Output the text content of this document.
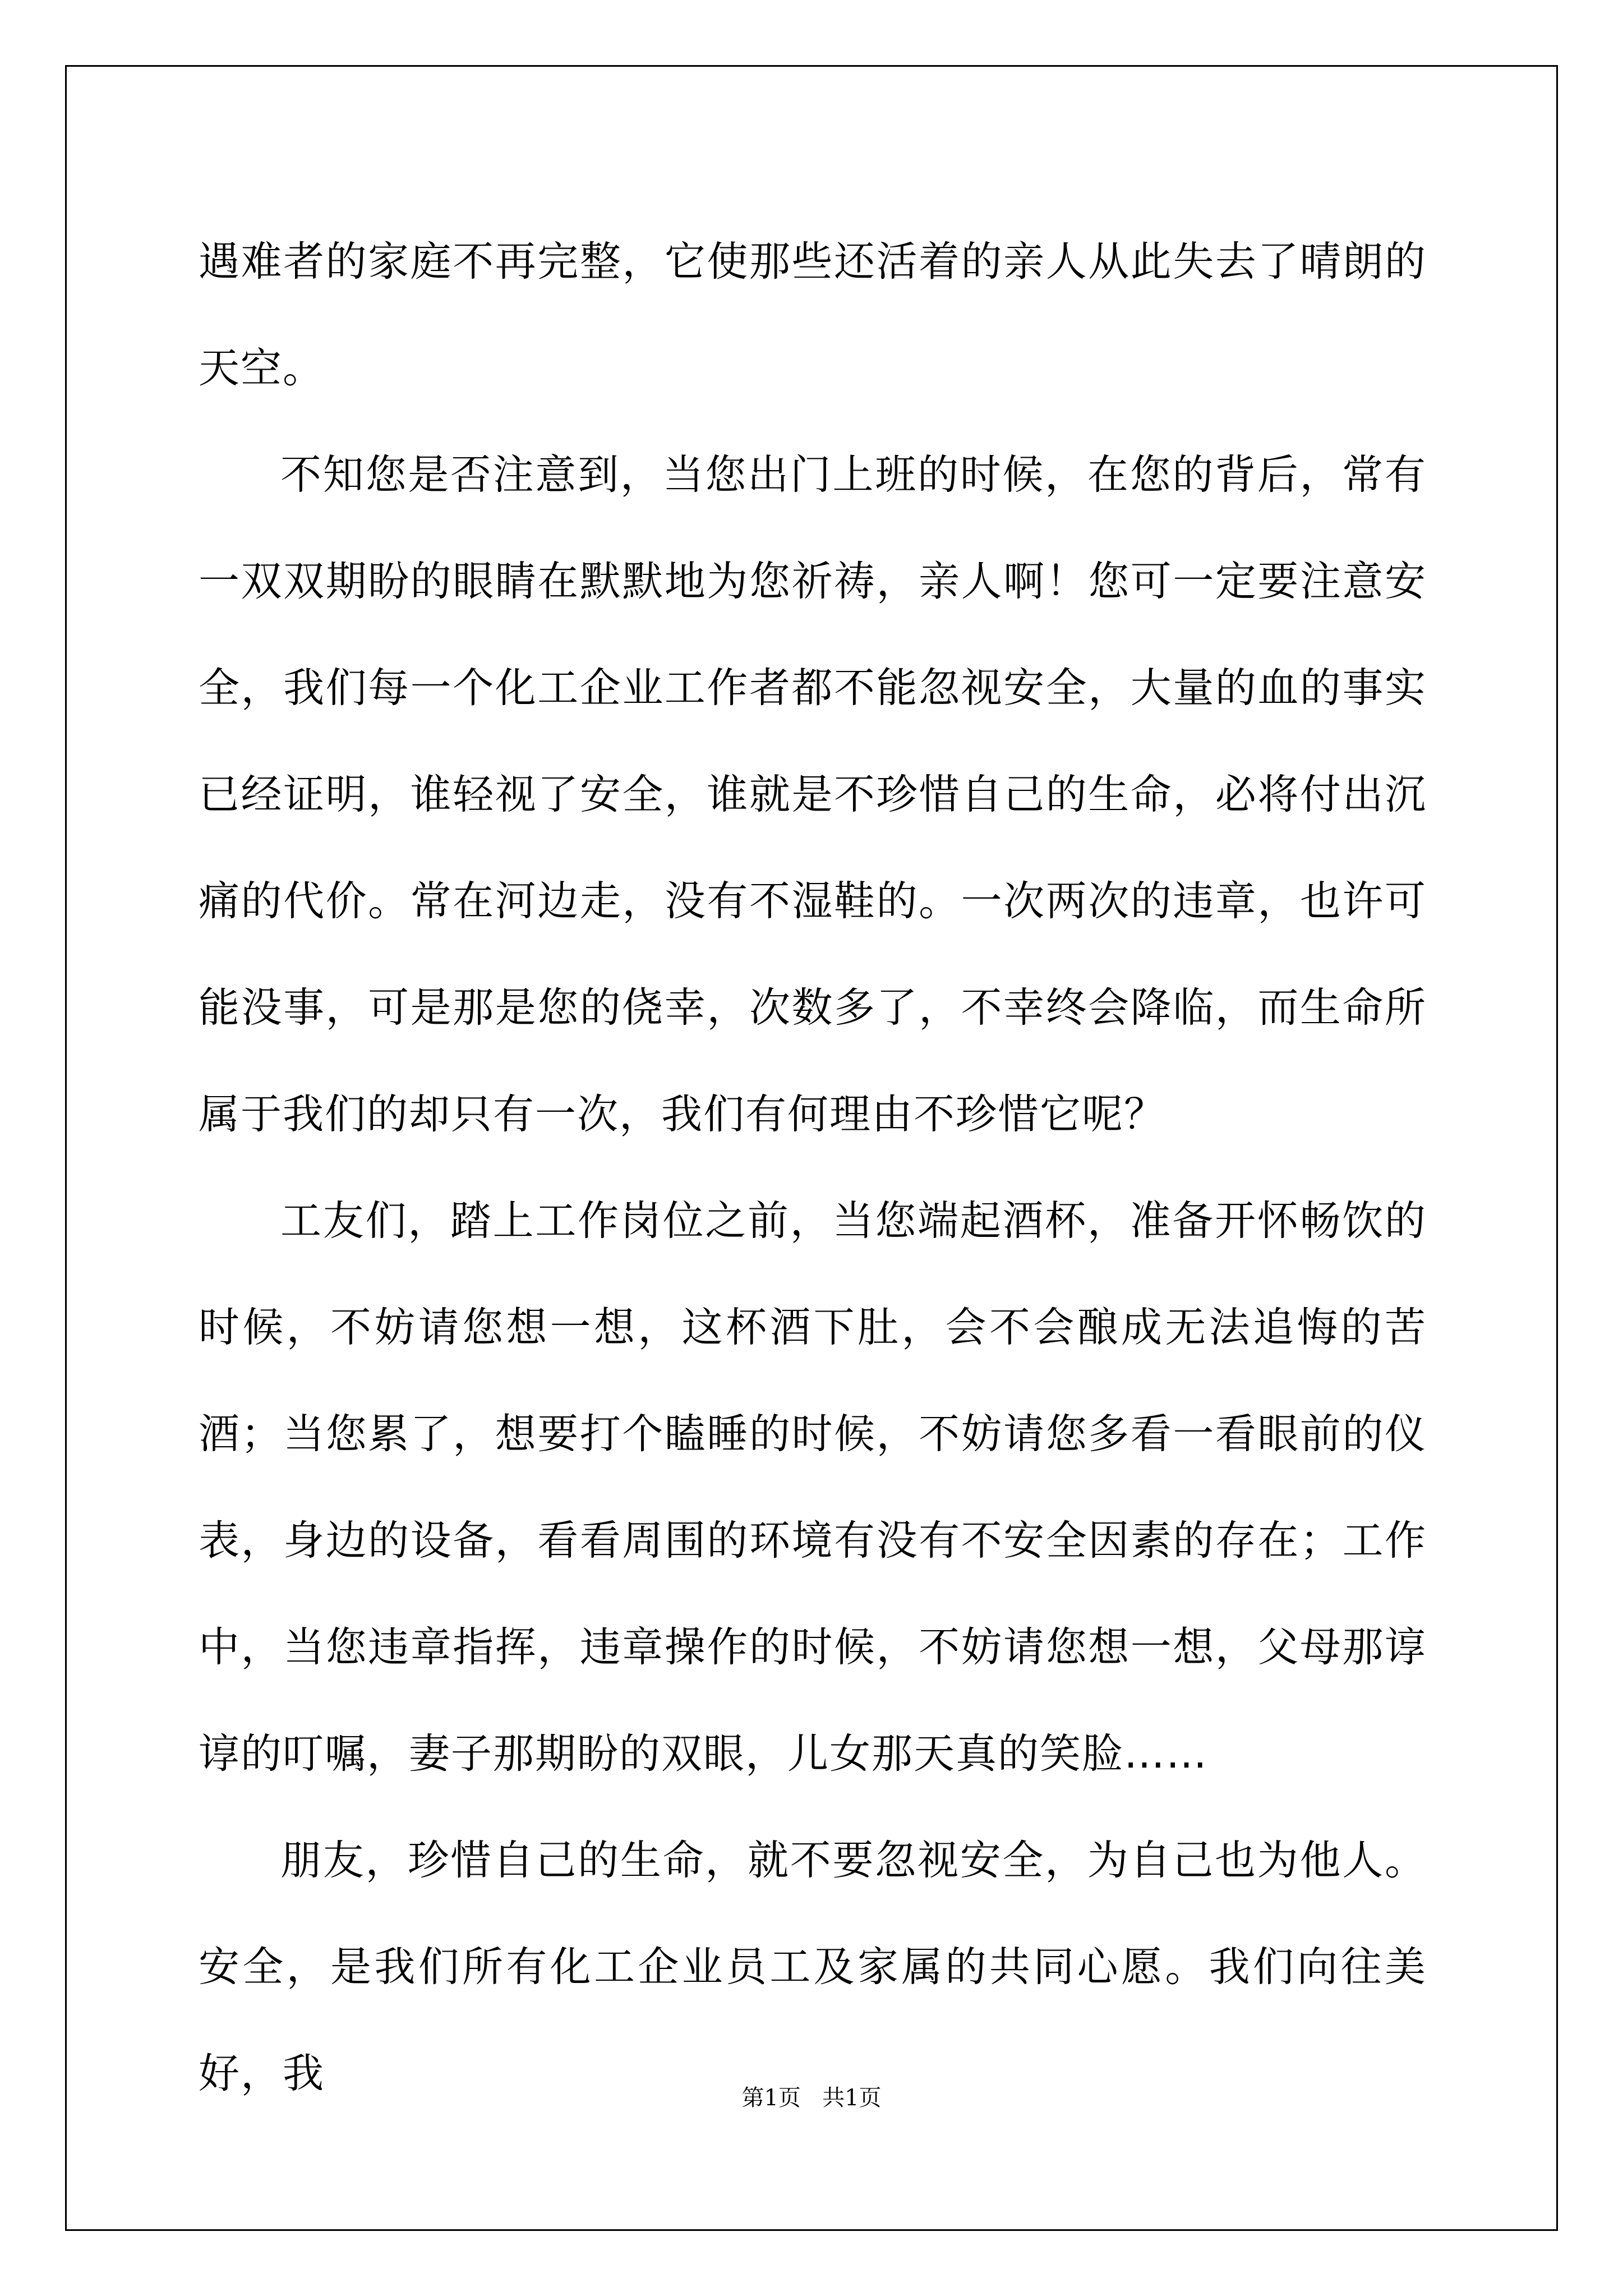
遇难者的家庭不再完整，它使那些还活着的亲人从此失去了晴朗的天空。

不知您是否注意到，当您出门上班的时候，在您的背后，常有一双双期盼的眼睛在默默地为您祈祷，亲人啊！您可一定要注意安全，我们每一个化工企业工作者都不能忽视安全，大量的血的事实已经证明，谁轻视了安全，谁就是不珍惜自己的生命，必将付出沉痛的代价。常在河边走，没有不湿鞋的。一次两次的违章，也许可能没事，可是那是您的侥幸，次数多了，不幸终会降临，而生命所属于我们的却只有一次，我们有何理由不珍惜它呢？

工友们，踏上工作岗位之前，当您端起酒杯，准备开怀畅饮的时候，不妨请您想一想，这杯酒下肚，会不会酿成无法追悔的苦酒；当您累了，想要打个瞌睡的时候，不妨请您多看一看眼前的仪表，身边的设备，看看周围的环境有没有不安全因素的存在；工作中，当您违章指挥，违章操作的时候，不妨请您想一想，父母那谆谆的叮嘱，妻子那期盼的双眼，儿女那天真的笑脸……

朋友，珍惜自己的生命，就不要忽视安全，为自己也为他人。安全，是我们所有化工企业员工及家属的共同心愿。我们向往美好，我

第1页 共1页
